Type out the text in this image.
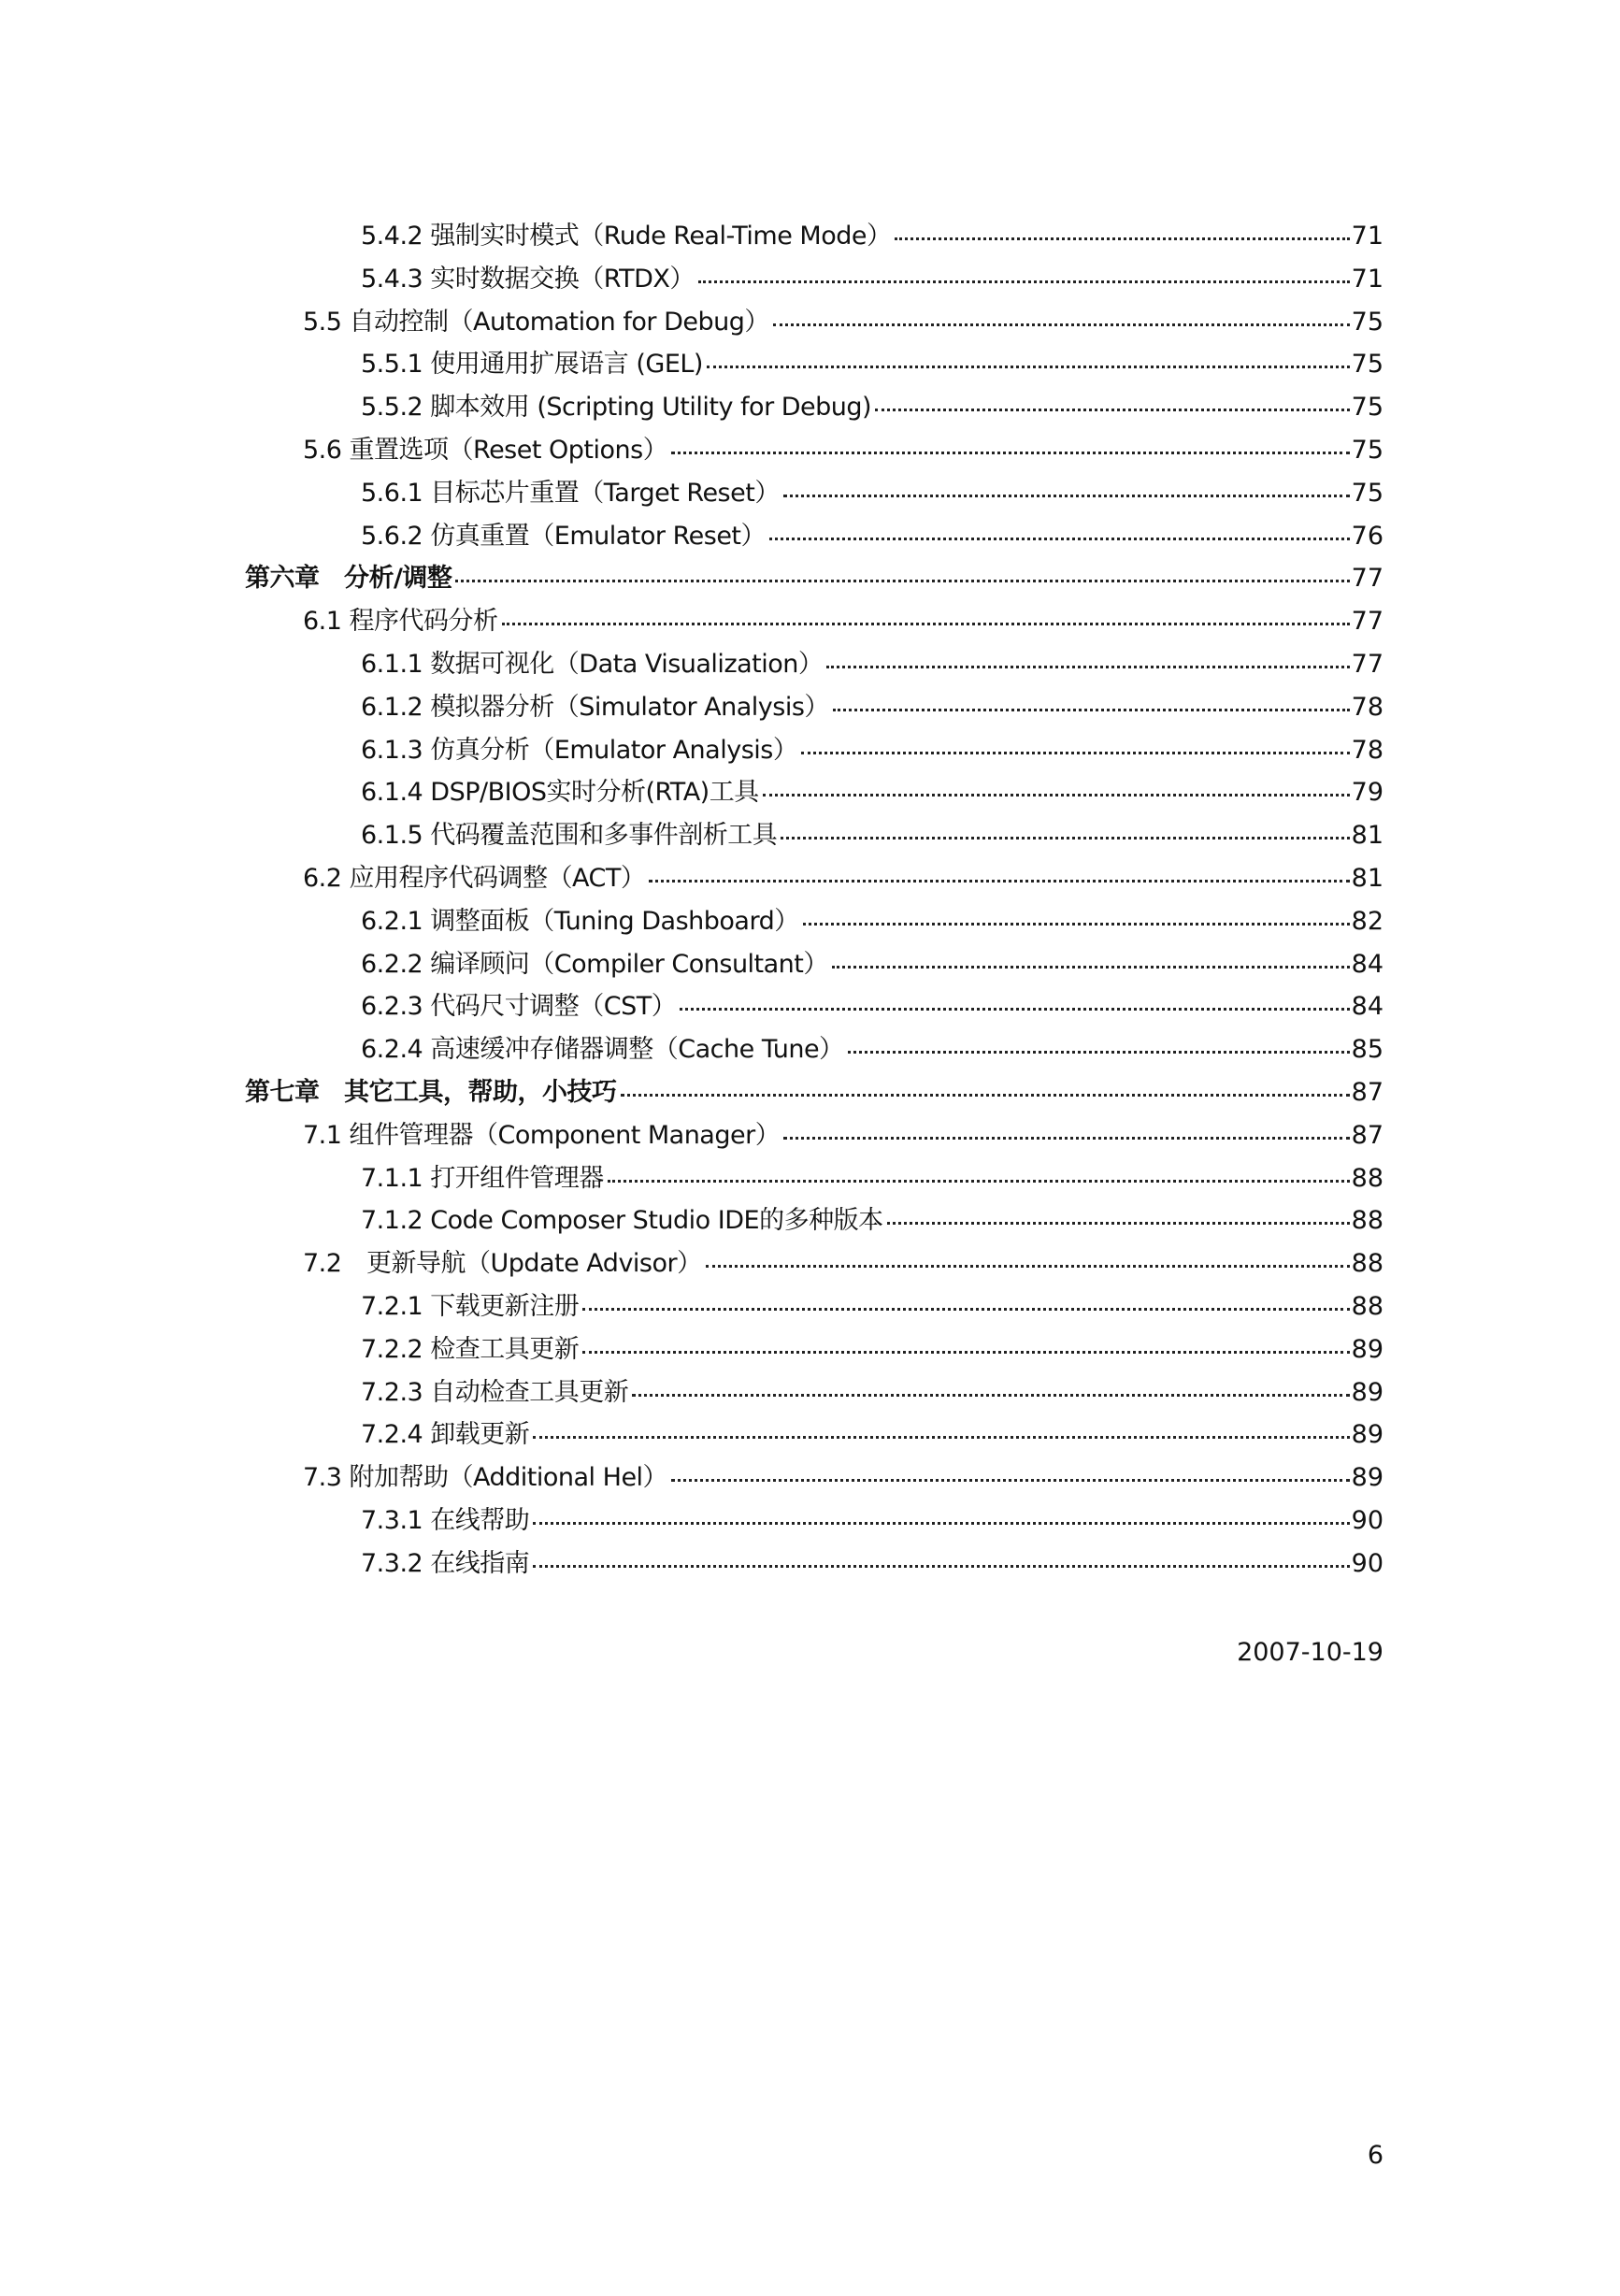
5.4.2 强制实时模式（Rude Real-Time Mode）	71
5.4.3 实时数据交换（RTDX）	71
5.5 自动控制（Automation for Debug）	75
5.5.1 使用通用扩展语言 (GEL)	75
5.5.2 脚本效用 (Scripting Utility for Debug)	75
5.6 重置选项（Reset Options）	75
5.6.1 目标芯片重置（Target Reset）	75
5.6.2 仿真重置（Emulator Reset）	76
第六章　分析/调整	77
6.1 程序代码分析	77
6.1.1 数据可视化（Data Visualization）	77
6.1.2 模拟器分析（Simulator Analysis）	78
6.1.3 仿真分析（Emulator Analysis）	78
6.1.4 DSP/BIOS实时分析(RTA)工具	79
6.1.5 代码覆盖范围和多事件剖析工具	81
6.2 应用程序代码调整（ACT）	81
6.2.1 调整面板（Tuning Dashboard）	82
6.2.2 编译顾问（Compiler Consultant）	84
6.2.3 代码尺寸调整（CST）	84
6.2.4 高速缓冲存储器调整（Cache Tune）	85
第七章　其它工具，帮助，小技巧	87
7.1 组件管理器（Component Manager）	87
7.1.1 打开组件管理器	88
7.1.2 Code Composer Studio IDE的多种版本	88
7.2　更新导航（Update Advisor）	88
7.2.1 下载更新注册	88
7.2.2 检查工具更新	89
7.2.3 自动检查工具更新	89
7.2.4 卸载更新	89
7.3 附加帮助（Additional Hel）	89
7.3.1 在线帮助	90
7.3.2 在线指南	90
2007-10-19
6
